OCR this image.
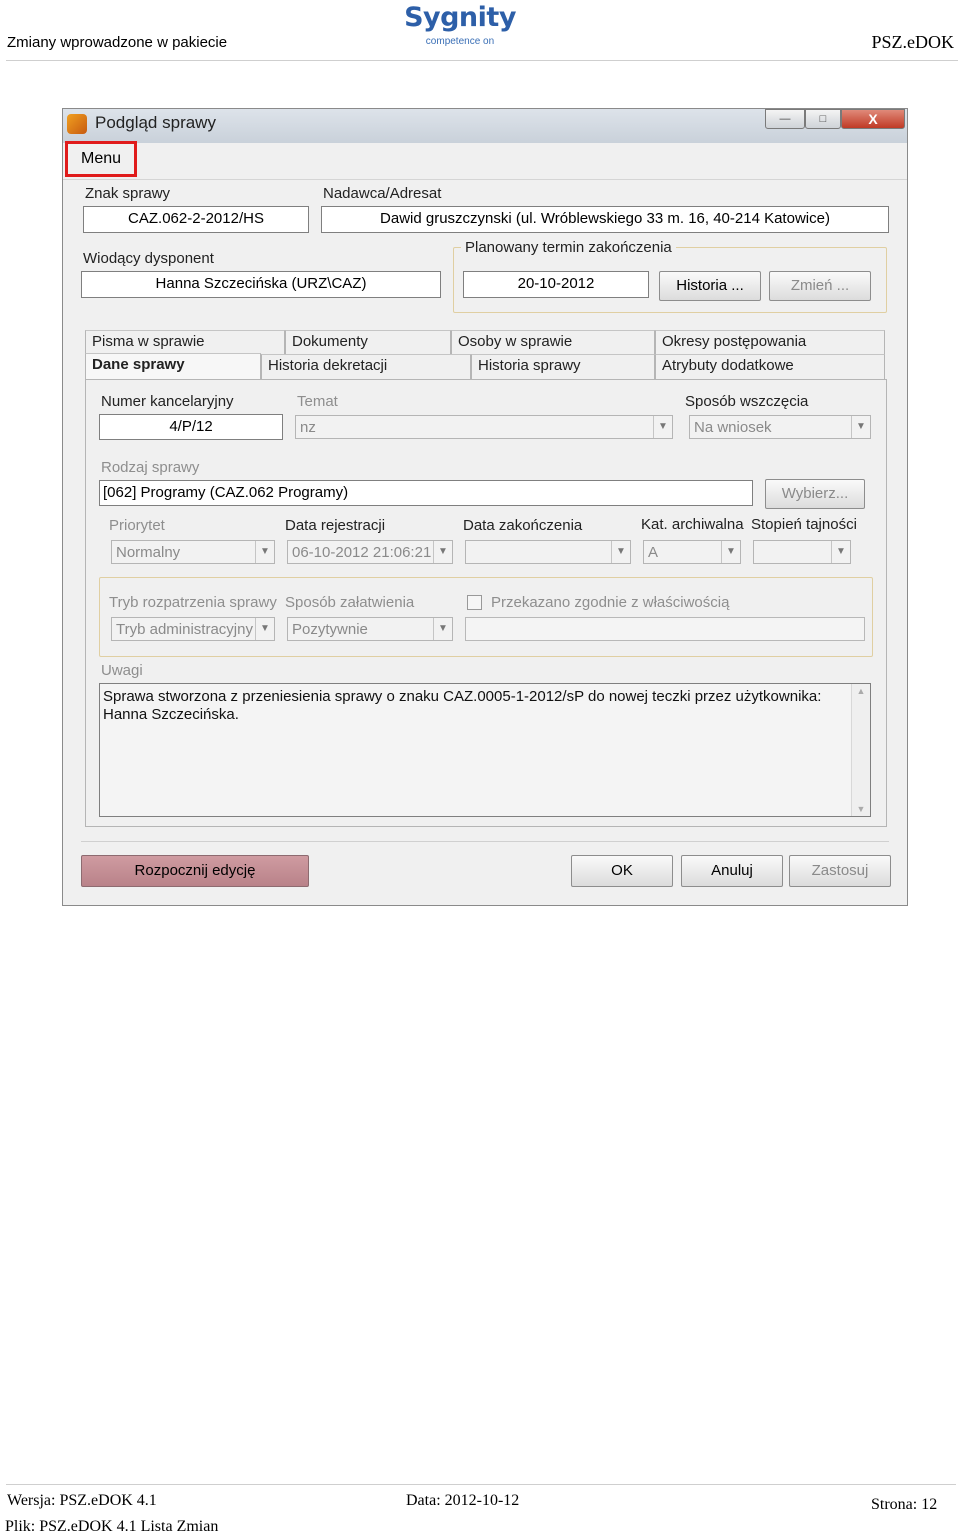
Zmiany wprowadzone w pakiecie
Sygnity
competence on	PSZ.eDOK
Podgląd sprawy	—	□	X
Menu
Znak sprawy
CAZ.062-2-2012/HS
Nadawca/Adresat
Dawid gruszczynski (ul. Wróblewskiego 33 m. 16, 40-214 Katowice)
Wiodący dysponent
Hanna Szczecińska (URZ\CAZ)
Planowany termin zakończenia
20-10-2012	Historia ...	Zmień ...
Pisma w sprawie	Dokumenty	Osoby w sprawie	Okresy postępowania
Dane sprawy	Historia dekretacji	Historia sprawy	Atrybuty dodatkowe
Numer kancelaryjny
4/P/12
Temat
nz	▼
Sposób wszczęcia
Na wniosek	▼
Rodzaj sprawy
[062] Programy (CAZ.062 Programy)	Wybierz...
Priorytet
Normalny	▼
Data rejestracji
06-10-2012 21:06:21 ▼
Data zakończenia
▼
Kat. archiwalna
A	▼
Stopień tajności
▼
Tryb rozpatrzenia sprawy
Tryb administracyjny ▼
Sposób załatwienia
Pozytywnie	▼
Przekazano zgodnie z właściwością
Uwagi
Sprawa stworzona z przeniesienia sprawy o znaku CAZ.0005-1-2012/sP do nowej teczki przez użytkownika: Hanna Szczecińska.
▲
▼
Rozpocznij edycję	OK	Anuluj	Zastosuj
Wersja: PSZ.eDOK 4.1	Data: 2012-10-12	Strona: 12
Plik: PSZ.eDOK 4.1 Lista Zmian
